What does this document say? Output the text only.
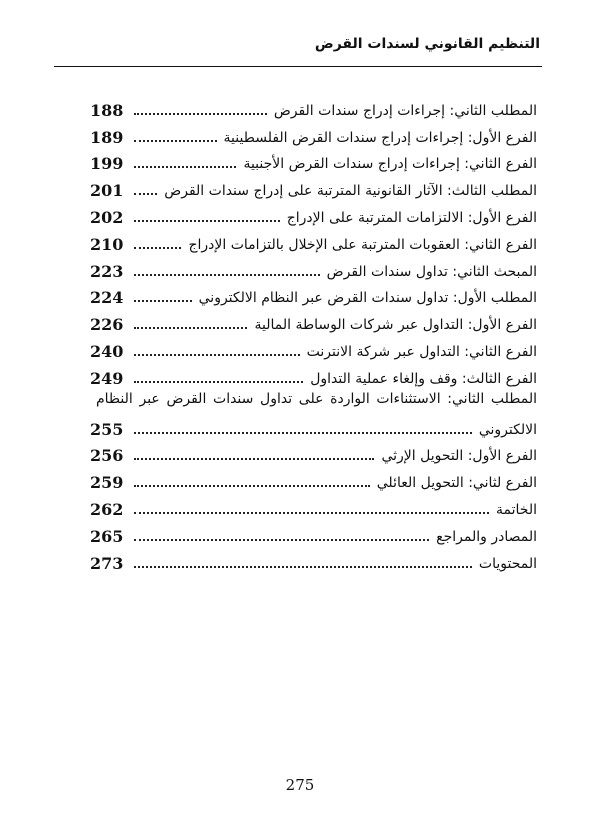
التنظيم القانوني لسندات القرض
المطلب الثاني: إجراءات إدراج سندات القرض
188
الفرع الأول: إجراءات إدراج سندات القرض الفلسطينية
189
الفرع الثاني: إجراءات إدراج سندات القرض الأجنبية
199
المطلب الثالث: الآثار القانونية المترتبة على إدراج سندات القرض
201
الفرع الأول: الالتزامات المترتبة على الإدراج
202
الفرع الثاني: العقوبات المترتبة على الإخلال بالتزامات الإدراج
210
المبحث الثاني: تداول سندات القرض
223
المطلب الأول: تداول سندات القرض عبر النظام الالكتروني
224
الفرع الأول: التداول عبر شركات الوساطة المالية
226
الفرع الثاني: التداول عبر شركة الانترنت
240
الفرع الثالث: وقف وإلغاء عملية التداول
249
المطلب الثاني: الاستثناءات الواردة على تداول سندات القرض عبر النظام
الالكتروني
255
الفرع الأول: التحويل الإرثي
256
الفرع لثاني: التحويل العائلي
259
الخاتمة
262
المصادر والمراجع
265
المحتويات
273
275
